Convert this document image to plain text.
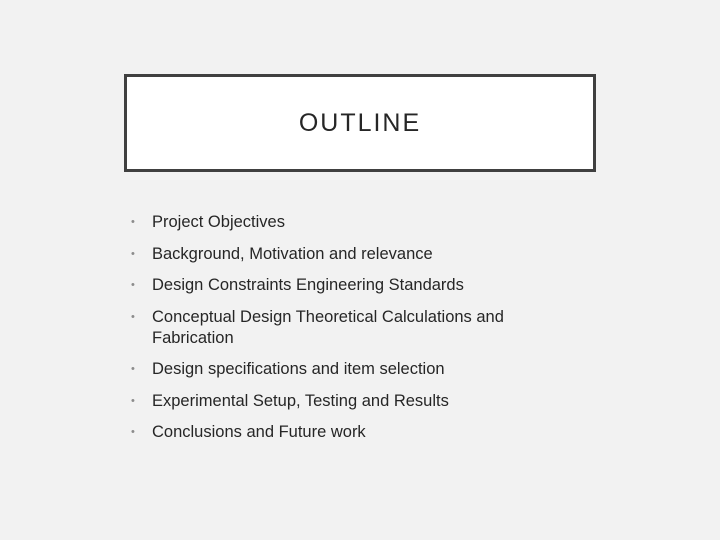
OUTLINE
•	Project Objectives
•	Background, Motivation and relevance
•	Design Constraints Engineering Standards
•	Conceptual Design Theoretical Calculations and Fabrication
•	Design specifications and item selection
•	Experimental Setup, Testing and Results
•	Conclusions and Future work
